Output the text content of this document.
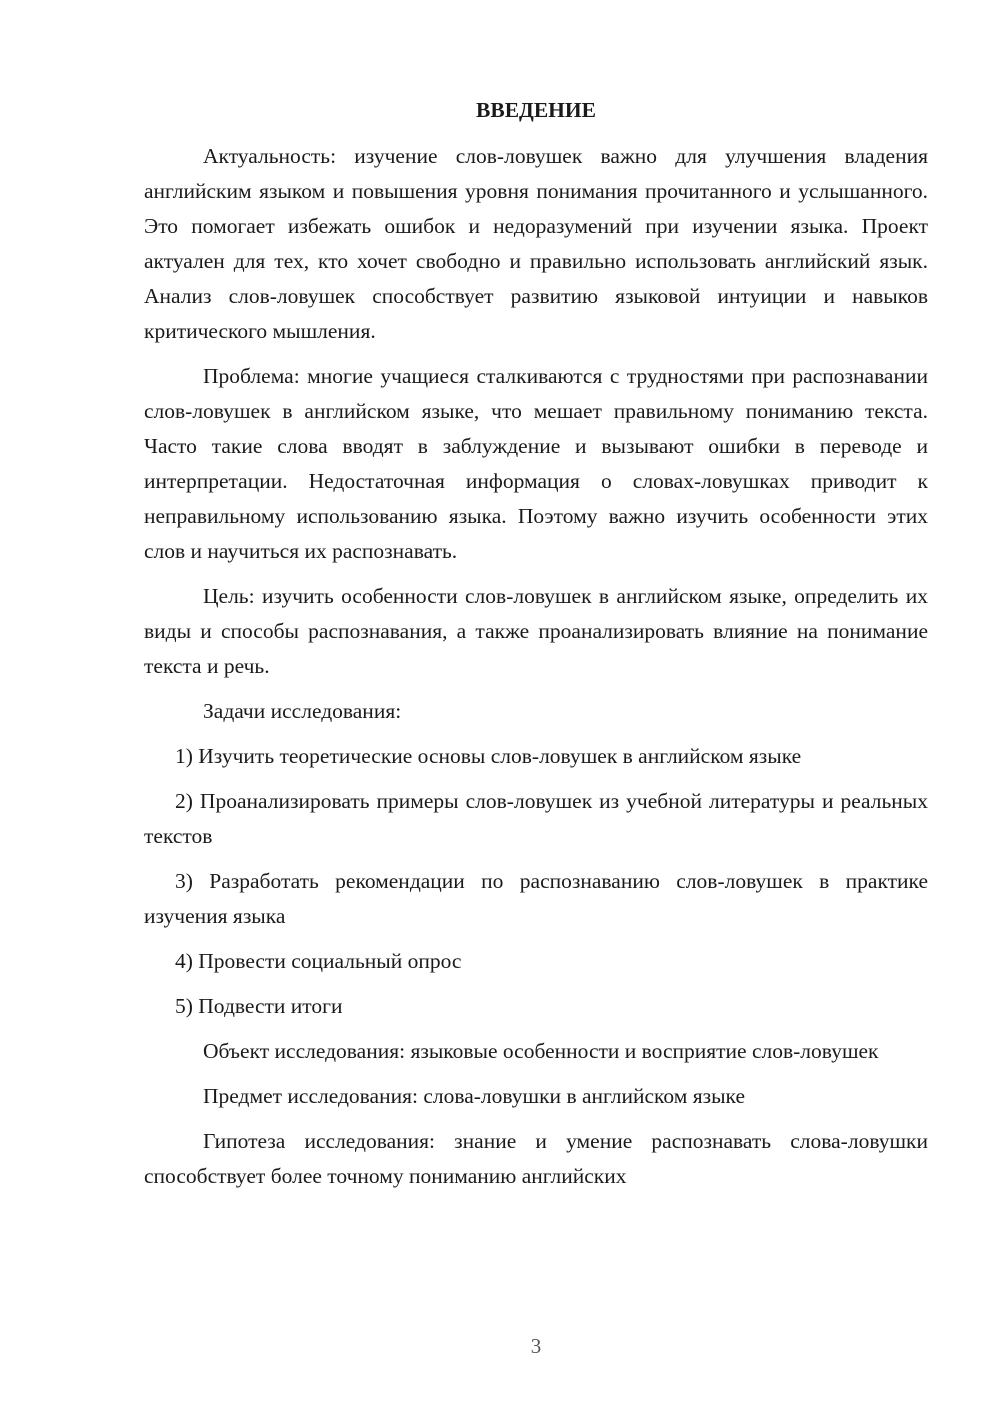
ВВЕДЕНИЕ

Актуальность: изучение слов-ловушек важно для улучшения владения английским языком и повышения уровня понимания прочитанного и услышанного. Это помогает избежать ошибок и недоразумений при изучении языка. Проект актуален для тех, кто хочет свободно и правильно использовать английский язык. Анализ слов-ловушек способствует развитию языковой интуиции и навыков критического мышления.

Проблема: многие учащиеся сталкиваются с трудностями при распознавании слов-ловушек в английском языке, что мешает правильному пониманию текста. Часто такие слова вводят в заблуждение и вызывают ошибки в переводе и интерпретации. Недостаточная информация о словах-ловушках приводит к неправильному использованию языка. Поэтому важно изучить особенности этих слов и научиться их распознавать.

Цель: изучить особенности слов-ловушек в английском языке, определить их виды и способы распознавания, а также проанализировать влияние на понимание текста и речь.

Задачи исследования:

1) Изучить теоретические основы слов-ловушек в английском языке

2) Проанализировать примеры слов-ловушек из учебной литературы и реальных текстов

3) Разработать рекомендации по распознаванию слов-ловушек в практике изучения языка

4) Провести социальный опрос

5) Подвести итоги

Объект исследования: языковые особенности и восприятие слов-ловушек

Предмет исследования: слова-ловушки в английском языке

Гипотеза исследования: знание и умение распознавать слова-ловушки способствует более точному пониманию английских

3
